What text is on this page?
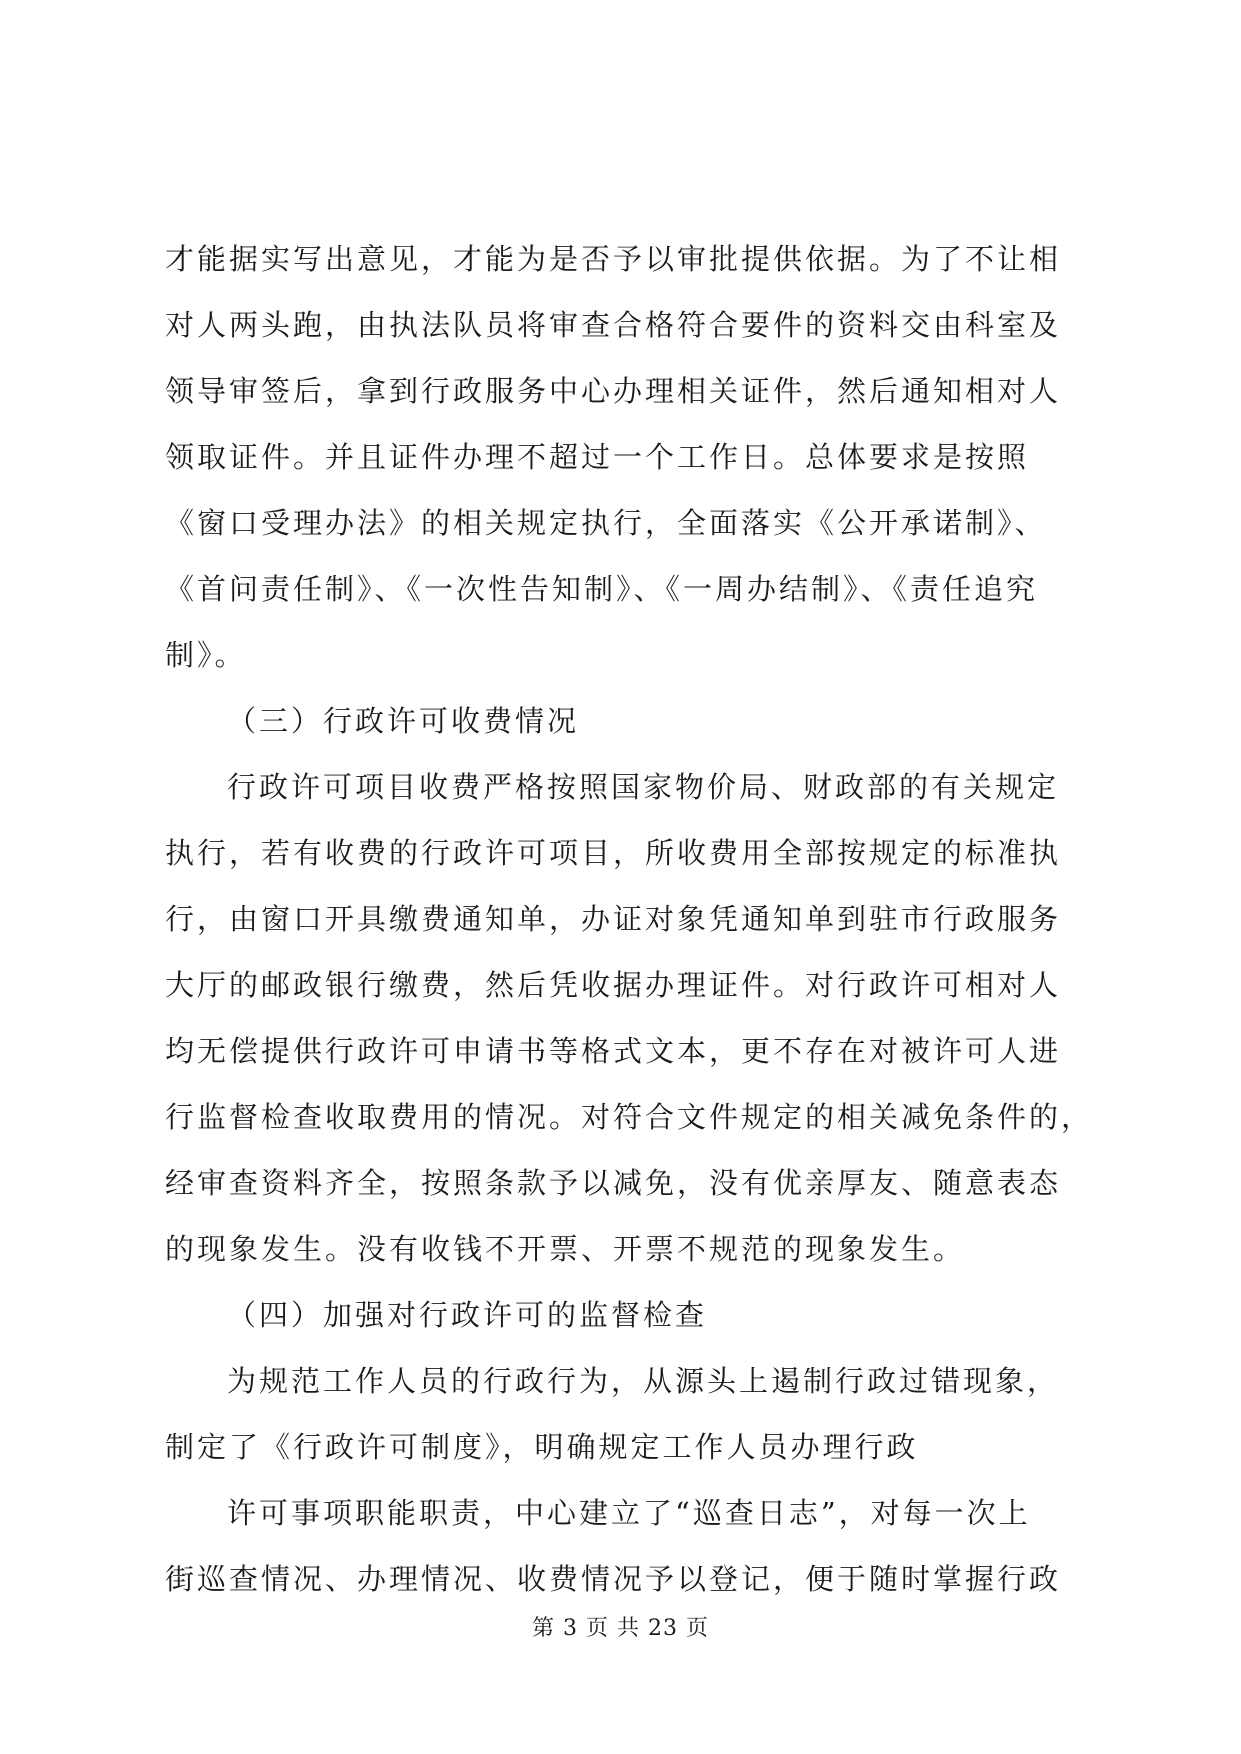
才能据实写出意见，才能为是否予以审批提供依据。为了不让相
对人两头跑，由执法队员将审查合格符合要件的资料交由科室及
领导审签后，拿到行政服务中心办理相关证件，然后通知相对人
领取证件。并且证件办理不超过一个工作日。总体要求是按照
《窗口受理办法》的相关规定执行，全面落实《公开承诺制》、
《首问责任制》、《一次性告知制》、《一周办结制》、《责任追究
制》。
（三）行政许可收费情况
行政许可项目收费严格按照国家物价局、财政部的有关规定
执行，若有收费的行政许可项目，所收费用全部按规定的标准执
行，由窗口开具缴费通知单，办证对象凭通知单到驻市行政服务
大厅的邮政银行缴费，然后凭收据办理证件。对行政许可相对人
均无偿提供行政许可申请书等格式文本，更不存在对被许可人进
行监督检查收取费用的情况。对符合文件规定的相关减免条件的，
经审查资料齐全，按照条款予以减免，没有优亲厚友、随意表态
的现象发生。没有收钱不开票、开票不规范的现象发生。
（四）加强对行政许可的监督检查
为规范工作人员的行政行为，从源头上遏制行政过错现象，
制定了《行政许可制度》，明确规定工作人员办理行政
许可事项职能职责，中心建立了“巡查日志”，对每一次上
街巡查情况、办理情况、收费情况予以登记，便于随时掌握行政
第 3 页 共 23 页
